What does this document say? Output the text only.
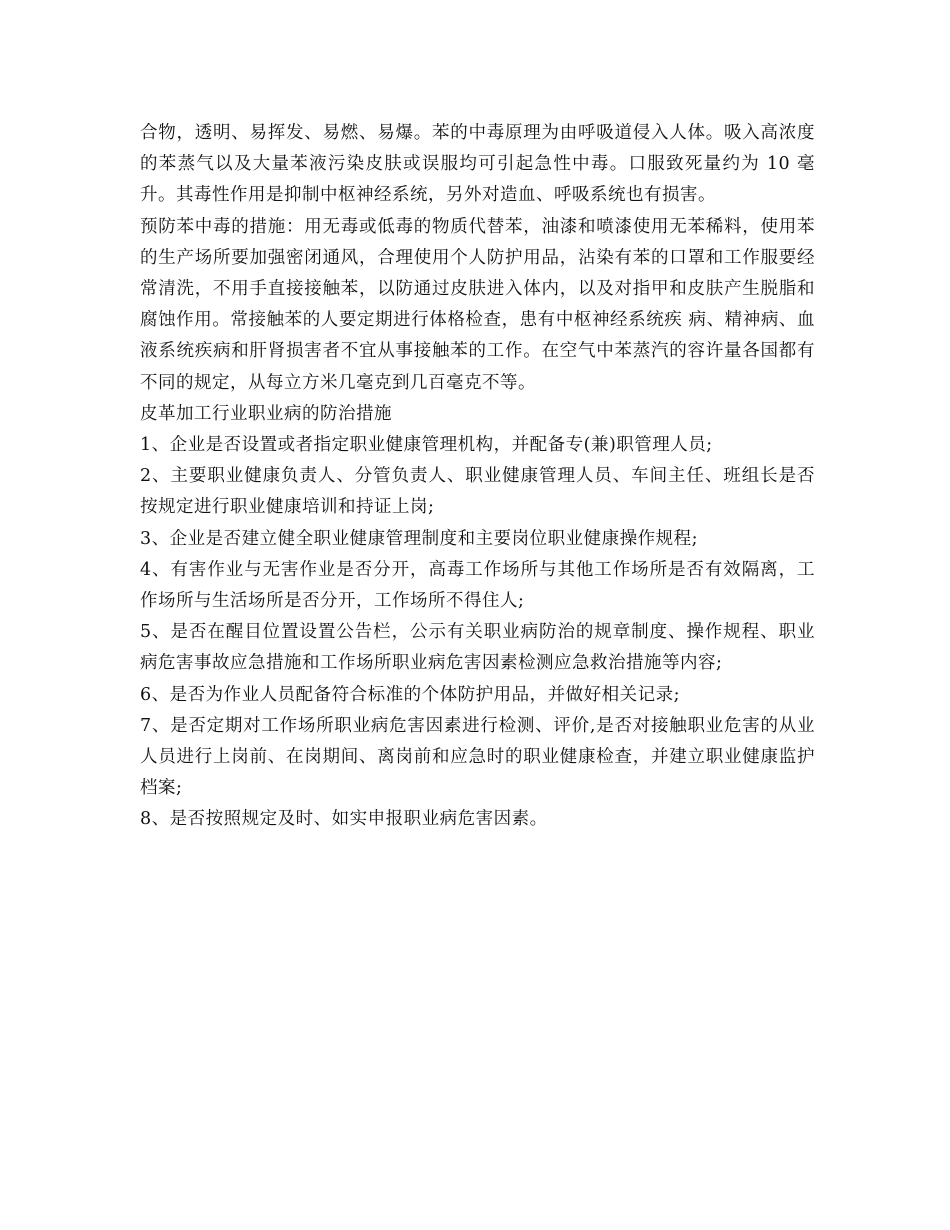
合物，透明、易挥发、易燃、易爆。苯的中毒原理为由呼吸道侵入人体。吸入高浓度的苯蒸气以及大量苯液污染皮肤或误服均可引起急性中毒。口服致死量约为 10 毫升。其毒性作用是抑制中枢神经系统，另外对造血、呼吸系统也有损害。

预防苯中毒的措施：用无毒或低毒的物质代替苯，油漆和喷漆使用无苯稀料，使用苯的生产场所要加强密闭通风，合理使用个人防护用品，沾染有苯的口罩和工作服要经常清洗，不用手直接接触苯，以防通过皮肤进入体内，以及对指甲和皮肤产生脱脂和腐蚀作用。常接触苯的人要定期进行体格检查，患有中枢神经系统疾 病、精神病、血液系统疾病和肝肾损害者不宜从事接触苯的工作。在空气中苯蒸汽的容许量各国都有不同的规定，从每立方米几毫克到几百毫克不等。

皮革加工行业职业病的防治措施

1、企业是否设置或者指定职业健康管理机构，并配备专(兼)职管理人员;

2、主要职业健康负责人、分管负责人、职业健康管理人员、车间主任、班组长是否按规定进行职业健康培训和持证上岗;

3、企业是否建立健全职业健康管理制度和主要岗位职业健康操作规程;

4、有害作业与无害作业是否分开，高毒工作场所与其他工作场所是否有效隔离，工作场所与生活场所是否分开，工作场所不得住人;

5、是否在醒目位置设置公告栏，公示有关职业病防治的规章制度、操作规程、职业病危害事故应急措施和工作场所职业病危害因素检测应急救治措施等内容;

6、是否为作业人员配备符合标准的个体防护用品，并做好相关记录;

7、是否定期对工作场所职业病危害因素进行检测、评价,是否对接触职业危害的从业人员进行上岗前、在岗期间、离岗前和应急时的职业健康检查，并建立职业健康监护档案;

8、是否按照规定及时、如实申报职业病危害因素。
